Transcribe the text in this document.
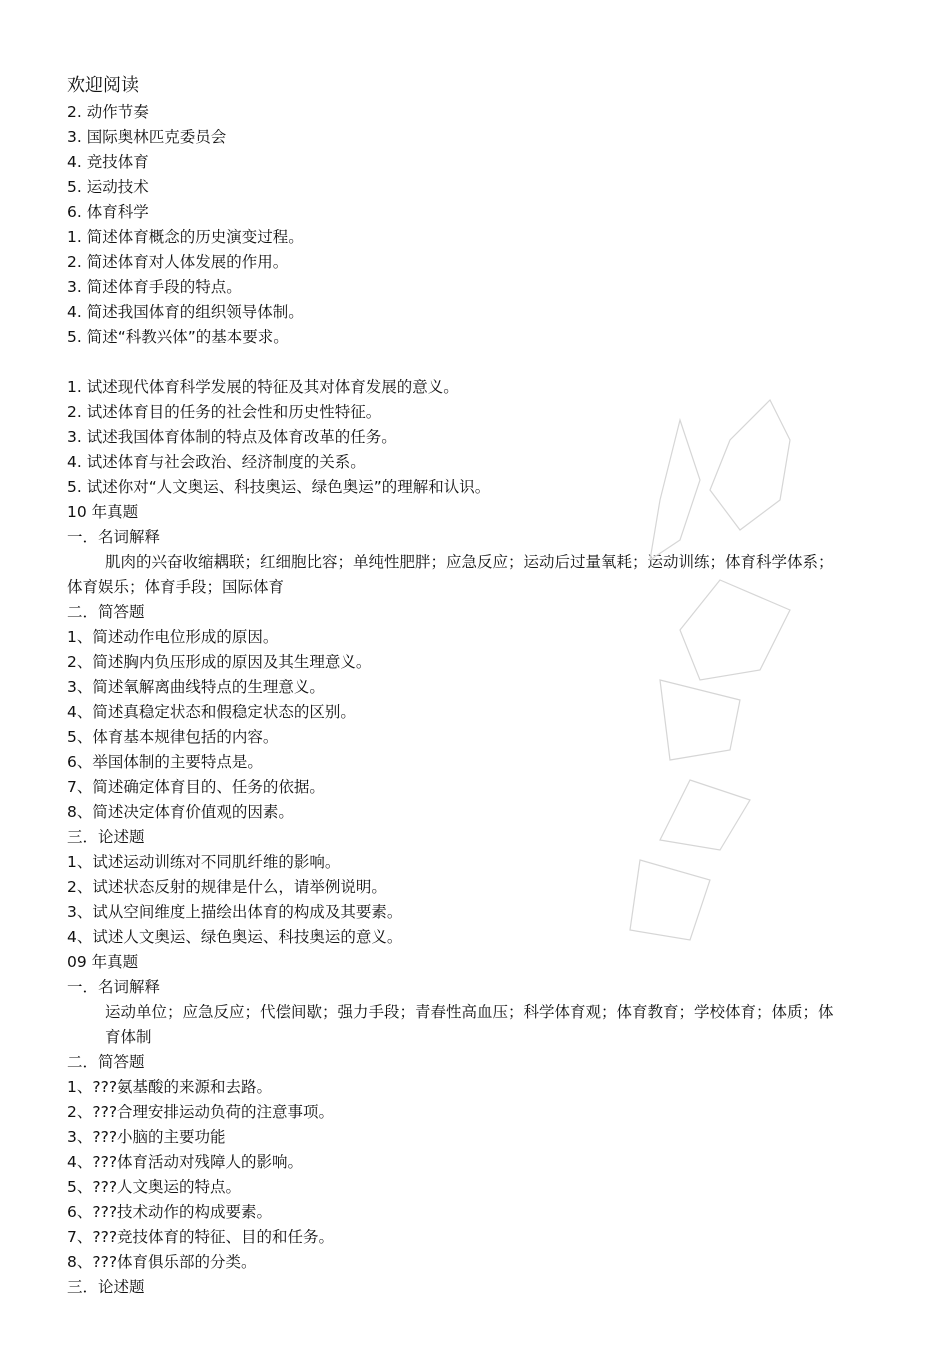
欢迎阅读
2. 动作节奏
3. 国际奥林匹克委员会
4. 竞技体育
5. 运动技术
6. 体育科学
1. 简述体育概念的历史演变过程。
2. 简述体育对人体发展的作用。
3. 简述体育手段的特点。
4. 简述我国体育的组织领导体制。
5. 简述“科教兴体”的基本要求。
1. 试述现代体育科学发展的特征及其对体育发展的意义。
2. 试述体育目的任务的社会性和历史性特征。
3. 试述我国体育体制的特点及体育改革的任务。
4. 试述体育与社会政治、经济制度的关系。
5. 试述你对“人文奥运、科技奥运、绿色奥运”的理解和认识。
10 年真题
一．名词解释
肌肉的兴奋收缩耦联；红细胞比容；单纯性肥胖；应急反应；运动后过量氧耗；运动训练；体育科学体系；体育娱乐；体育手段；国际体育
二．简答题
1、简述动作电位形成的原因。
2、简述胸内负压形成的原因及其生理意义。
3、简述氧解离曲线特点的生理意义。
4、简述真稳定状态和假稳定状态的区别。
5、体育基本规律包括的内容。
6、举国体制的主要特点是。
7、简述确定体育目的、任务的依据。
8、简述决定体育价值观的因素。
三．论述题
1、试述运动训练对不同肌纤维的影响。
2、试述状态反射的规律是什么，请举例说明。
3、试从空间维度上描绘出体育的构成及其要素。
4、试述人文奥运、绿色奥运、科技奥运的意义。
09 年真题
一．名词解释
运动单位；应急反应；代偿间歇；强力手段；青春性高血压；科学体育观；体育教育；学校体育；体质；体育体制
二．简答题
1、???氨基酸的来源和去路。
2、???合理安排运动负荷的注意事项。
3、???小脑的主要功能
4、???体育活动对残障人的影响。
5、???人文奥运的特点。
6、???技术动作的构成要素。
7、???竞技体育的特征、目的和任务。
8、???体育俱乐部的分类。
三．论述题
